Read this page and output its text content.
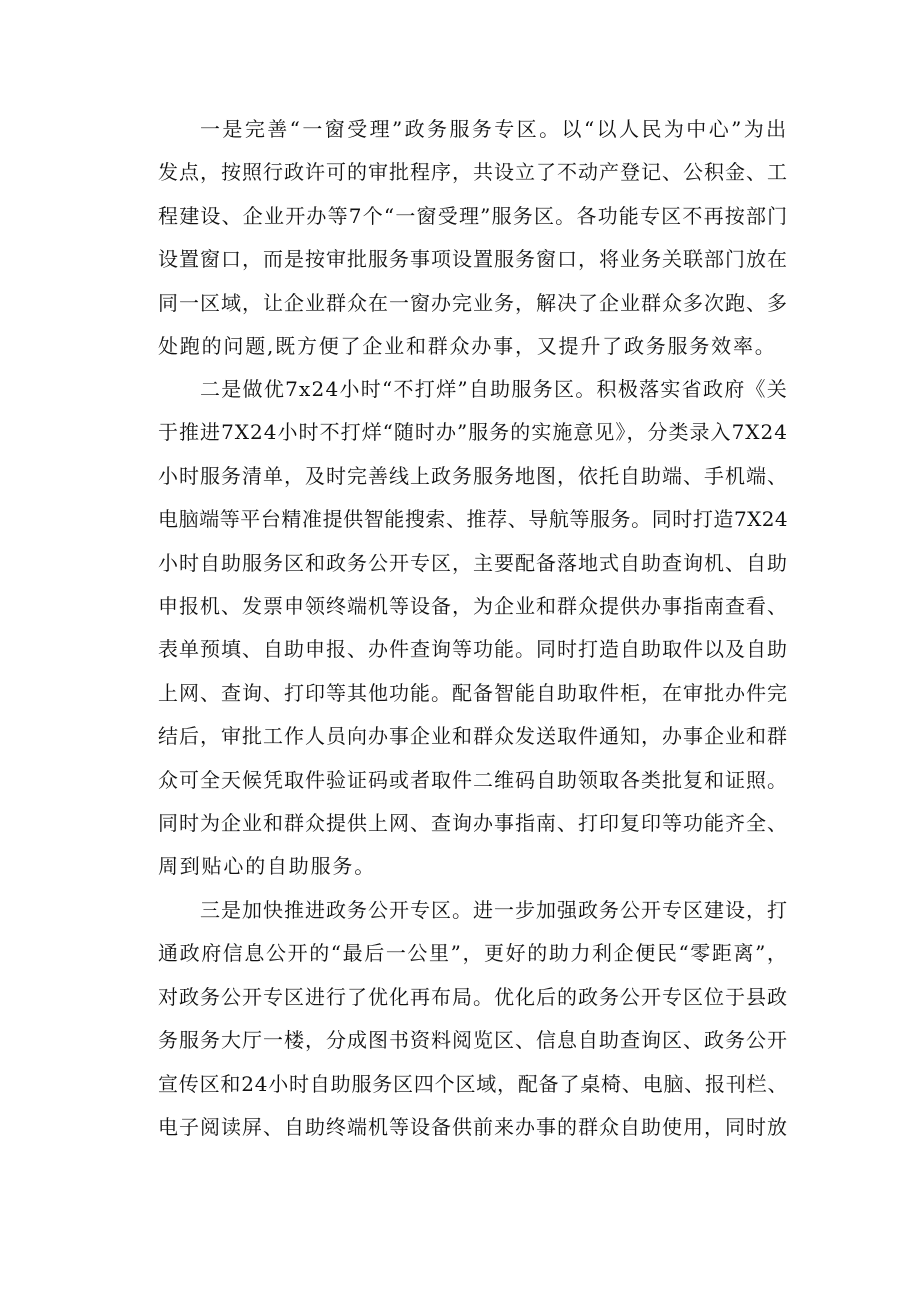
一是完善“一窗受理”政务服务专区。以“以人民为中心”为出
发点，按照行政许可的审批程序，共设立了不动产登记、公积金、工
程建设、企业开办等7个“一窗受理”服务区。各功能专区不再按部门
设置窗口，而是按审批服务事项设置服务窗口，将业务关联部门放在
同一区域，让企业群众在一窗办完业务，解决了企业群众多次跑、多
处跑的问题,既方便了企业和群众办事，又提升了政务服务效率。
二是做优7x24小时“不打烊”自助服务区。积极落实省政府《关
于推进7X24小时不打烊“随时办”服务的实施意见》，分类录入7X24
小时服务清单，及时完善线上政务服务地图，依托自助端、手机端、
电脑端等平台精准提供智能搜索、推荐、导航等服务。同时打造7X24
小时自助服务区和政务公开专区，主要配备落地式自助查询机、自助
申报机、发票申领终端机等设备，为企业和群众提供办事指南查看、
表单预填、自助申报、办件查询等功能。同时打造自助取件以及自助
上网、查询、打印等其他功能。配备智能自助取件柜，在审批办件完
结后，审批工作人员向办事企业和群众发送取件通知，办事企业和群
众可全天候凭取件验证码或者取件二维码自助领取各类批复和证照。
同时为企业和群众提供上网、查询办事指南、打印复印等功能齐全、
周到贴心的自助服务。
三是加快推进政务公开专区。进一步加强政务公开专区建设，打
通政府信息公开的“最后一公里”，更好的助力利企便民“零距离”，
对政务公开专区进行了优化再布局。优化后的政务公开专区位于县政
务服务大厅一楼，分成图书资料阅览区、信息自助查询区、政务公开
宣传区和24小时自助服务区四个区域，配备了桌椅、电脑、报刊栏、
电子阅读屏、自助终端机等设备供前来办事的群众自助使用，同时放
